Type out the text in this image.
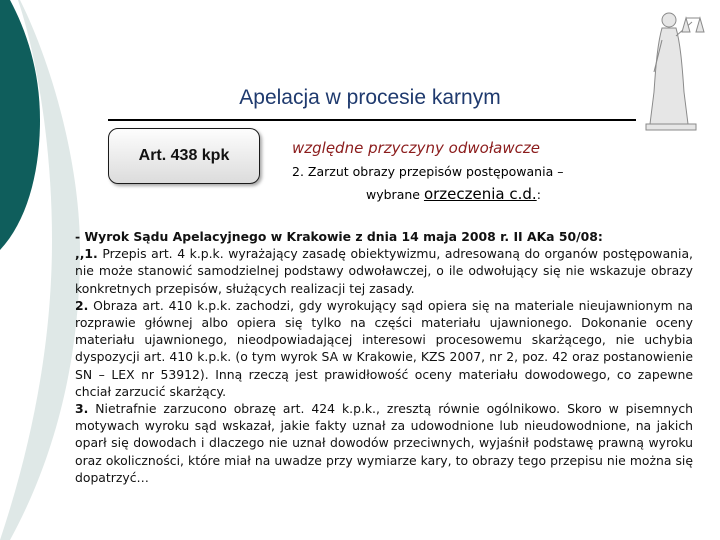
Apelacja w procesie karnym
Art. 438 kpk	względne przyczyny odwoławcze
2. Zarzut obrazy przepisów postępowania –
wybrane orzeczenia c.d.:

- Wyrok Sądu Apelacyjnego w Krakowie z dnia 14 maja 2008 r. II AKa 50/08:

,,1. Przepis art. 4 k.p.k. wyrażający zasadę obiektywizmu, adresowaną do organów postępowania, nie może stanowić samodzielnej podstawy odwoławczej, o ile odwołujący się nie wskazuje obrazy konkretnych przepisów, służących realizacji tej zasady.

2. Obraza art. 410 k.p.k. zachodzi, gdy wyrokujący sąd opiera się na materiale nieujawnionym na rozprawie głównej albo opiera się tylko na części materiału ujawnionego. Dokonanie oceny materiału ujawnionego, nieodpowiadającej interesowi procesowemu skarżącego, nie uchybia dyspozycji art. 410 k.p.k. (o tym wyrok SA w Krakowie, KZS 2007, nr 2, poz. 42 oraz postanowienie SN – LEX nr 53912). Inną rzeczą jest prawidłowość oceny materiału dowodowego, co zapewne chciał zarzucić skarżący.

3. Nietrafnie zarzucono obrazę art. 424 k.p.k., zresztą równie ogólnikowo. Skoro w pisemnych motywach wyroku sąd wskazał, jakie fakty uznał za udowodnione lub nieudowodnione, na jakich oparł się dowodach i dlaczego nie uznał dowodów przeciwnych, wyjaśnił podstawę prawną wyroku oraz okoliczności, które miał na uwadze przy wymiarze kary, to obrazy tego przepisu nie można się dopatrzyć…
